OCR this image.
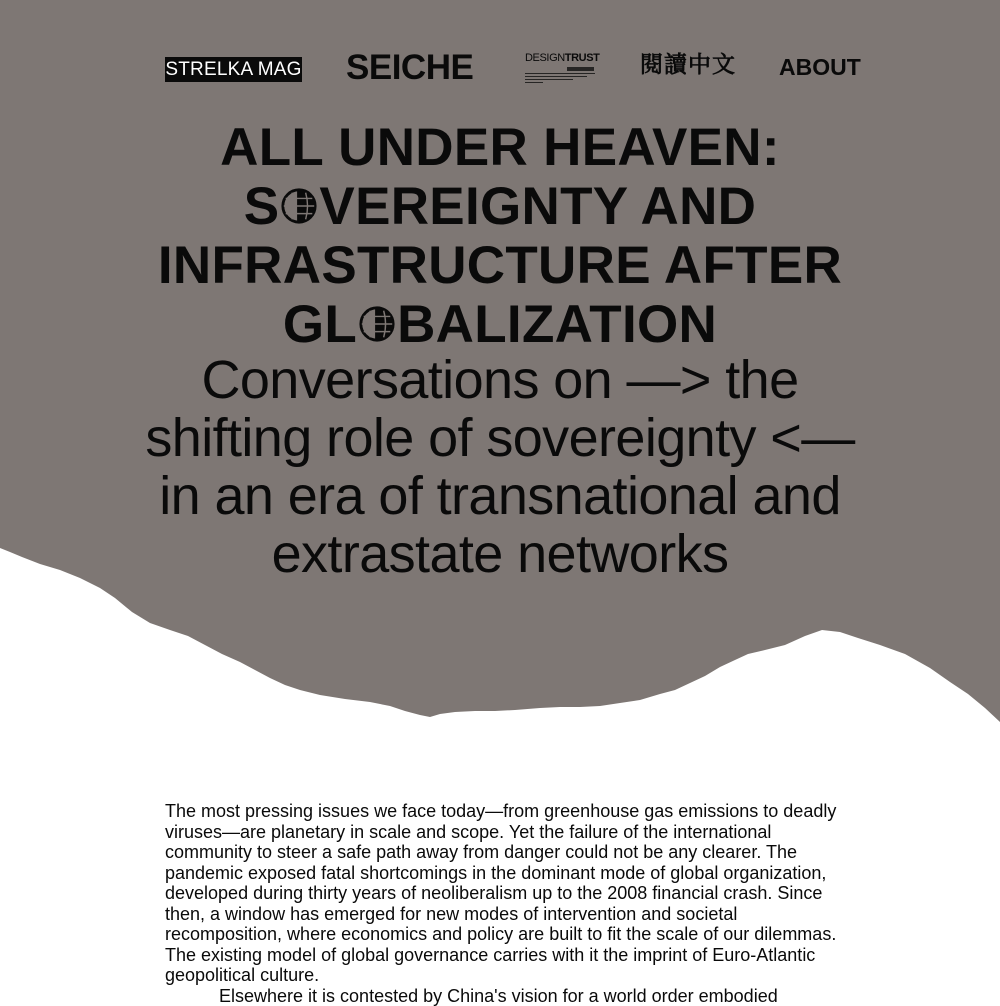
STRELKA MAG SEICHE	DESIGNTRUST 閱讀中文 ABOUT
ALL UNDER HEAVEN:
S VEREIGNTY AND
INFRASTRUCTURE AFTER
GL BALIZATION
Conversations on —> the shifting role of sovereignty <— in an era of transnational and extrastate networks

The most pressing issues we face today—from greenhouse gas emissions to deadly viruses—are planetary in scale and scope. Yet the failure of the international community to steer a safe path away from danger could not be any clearer. The pandemic exposed fatal shortcomings in the dominant mode of global organization, developed during thirty years of neoliberalism up to the 2008 financial crash. Since then, a window has emerged for new modes of intervention and societal recomposition, where economics and policy are built to fit the scale of our dilemmas. The existing model of global governance carries with it the imprint of Euro-Atlantic geopolitical culture.

Elsewhere it is contested by China's vision for a world order embodied
